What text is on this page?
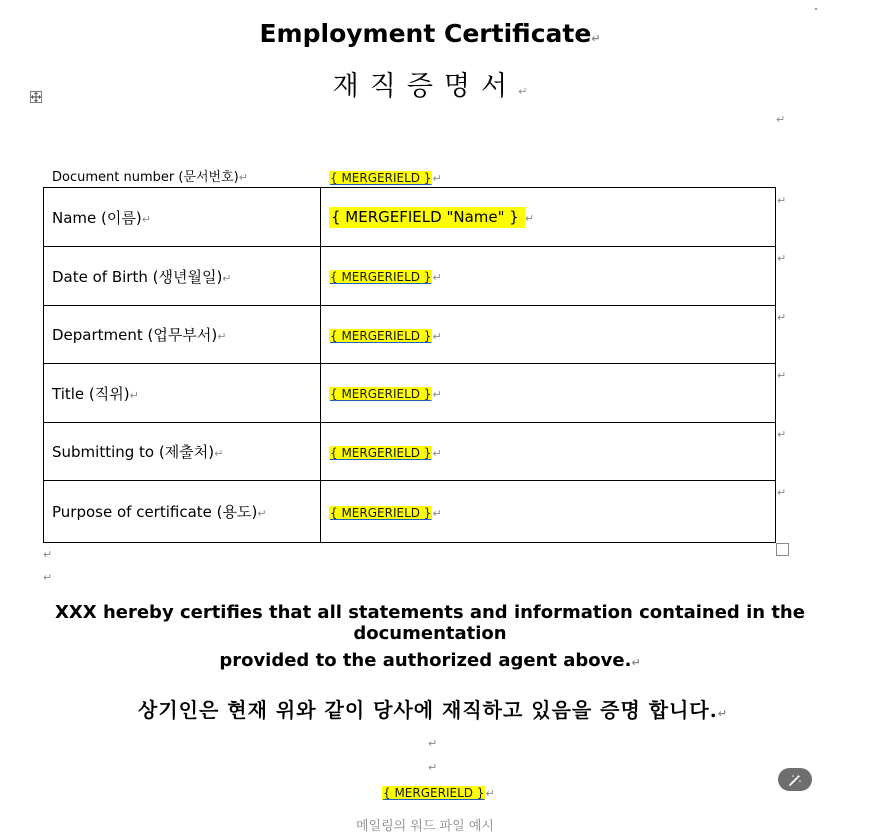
Employment Certificate↵
재직증명서↵
↵
Document number (문서번호)↵	{ MERGERIELD }↵
Name (이름)↵	{ MERGEFIELD "Name" } ↵
Date of Birth (생년월일)↵	{ MERGERIELD }↵
Department (업무부서)↵	{ MERGERIELD }↵
Title (직위)↵	{ MERGERIELD }↵
Submitting to (제출처)↵	{ MERGERIELD }↵
Purpose of certificate (용도)↵	{ MERGERIELD }↵
↵
↵
↵
↵
↵
↵
↵
↵
XXX hereby certifies that all statements and information contained in the documentation
provided to the authorized agent above.↵
상기인은 현재 위와 같이 당사에 재직하고 있음을 증명 합니다.↵
↵
↵
{ MERGERIELD }↵
메일링의 워드 파일 예시
